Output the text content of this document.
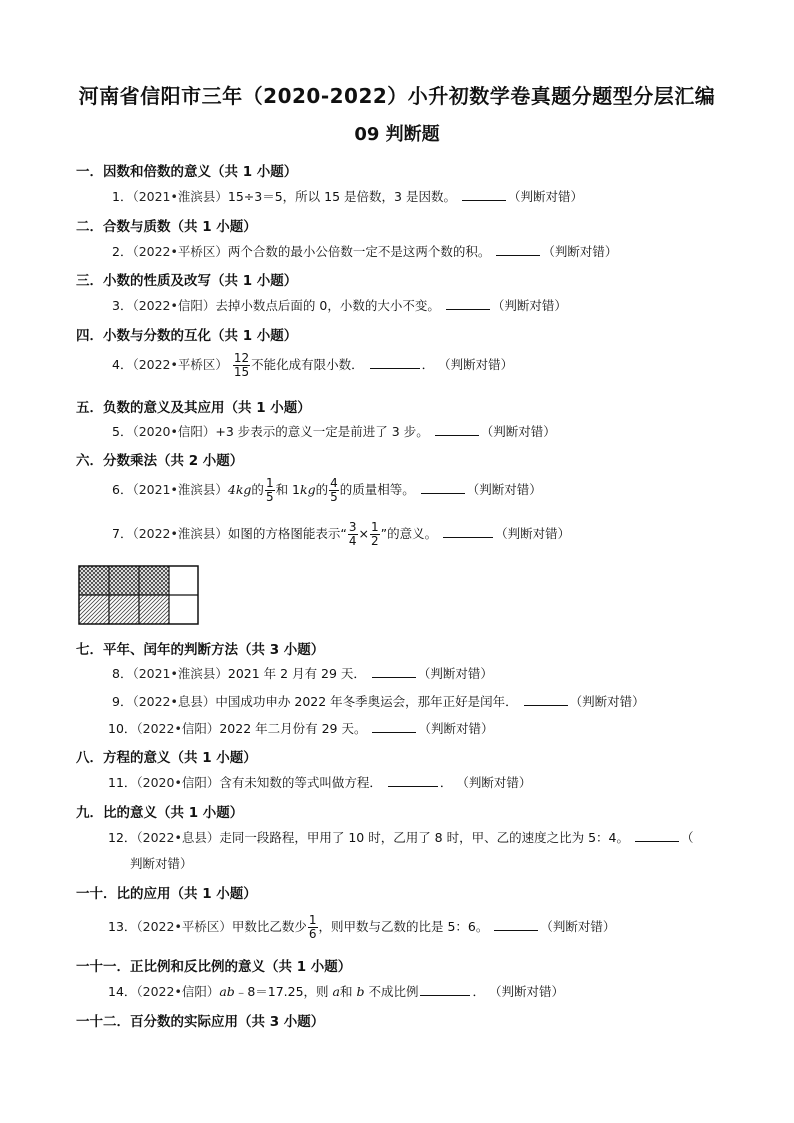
河南省信阳市三年（2020-2022）小升初数学卷真题分题型分层汇编
09 判断题
一．因数和倍数的意义（共 1 小题）
1．（2021•淮滨县）15÷3＝5，所以 15 是倍数，3 是因数。	（判断对错）
二．合数与质数（共 1 小题）
2．（2022•平桥区）两个合数的最小公倍数一定不是这两个数的积。	（判断对错）
三．小数的性质及改写（共 1 小题）
3．（2022•信阳）去掉小数点后面的 0，小数的大小不变。	（判断对错）
四．小数与分数的互化（共 1 小题）
4．（2022•平桥区） $\frac{12}{15}$ 不能化成有限小数．	． （判断对错）
五．负数的意义及其应用（共 1 小题）
5．（2020•信阳）+3 步表示的意义一定是前进了 3 步。	（判断对错）
六．分数乘法（共 2 小题）
6．（2021•淮滨县）4kg的 $\frac{1}{5}$ 和 1kg的 $\frac{4}{5}$ 的质量相等。	（判断对错）
7．（2022•淮滨县）如图的方格图能表示“ $\frac{3}{4} \times \frac{1}{2}$ ”的意义。	（判断对错）
七．平年、闰年的判断方法（共 3 小题）
8．（2021•淮滨县）2021 年 2 月有 29 天．	（判断对错）
9．（2022•息县）中国成功申办 2022 年冬季奥运会，那年正好是闰年．	（判断对错）
10．（2022•信阳）2022 年二月份有 29 天。	（判断对错）
八．方程的意义（共 1 小题）
11．（2020•信阳）含有未知数的等式叫做方程．	． （判断对错）
九．比的意义（共 1 小题）
12．（2022•息县）走同一段路程，甲用了 10 时，乙用了 8 时，甲、乙的速度之比为 5：4。	（
判断对错）
一十．比的应用（共 1 小题）
13．（2022•平桥区）甲数比乙数少 $\frac{1}{6}$ ，则甲数与乙数的比是 5：6。	（判断对错）
一十一．正比例和反比例的意义（共 1 小题）
14．（2022•信阳）ab﹣8＝17.25，则 a和 b 不成比例	． （判断对错）
一十二．百分数的实际应用（共 3 小题）
